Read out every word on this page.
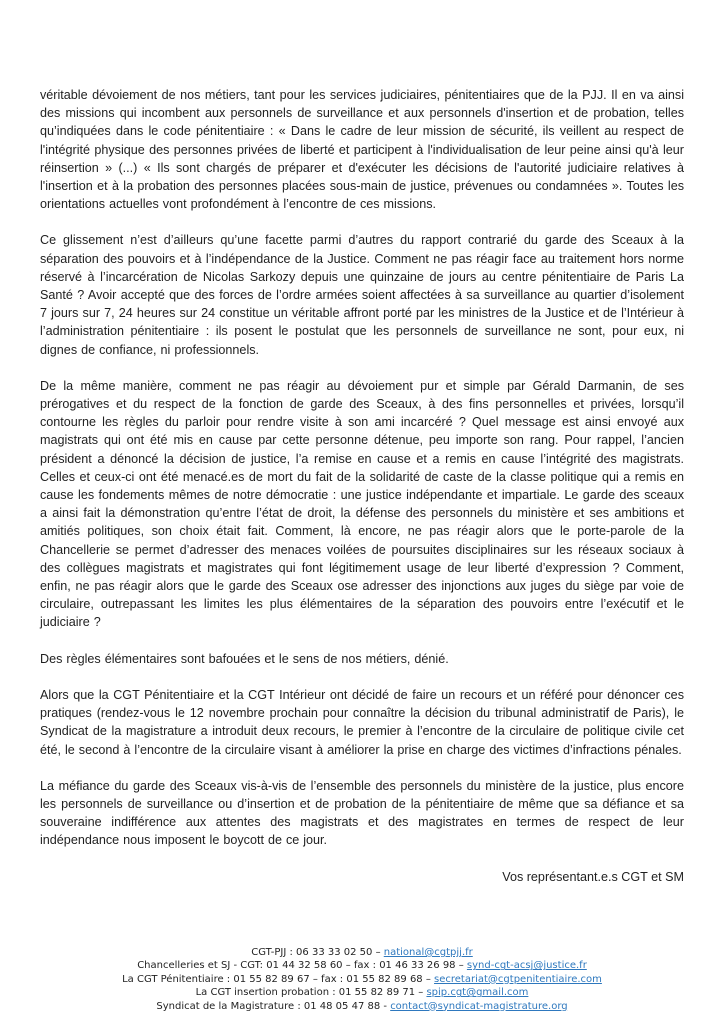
véritable dévoiement de nos métiers, tant pour les services judiciaires, pénitentiaires que de la PJJ. Il en va ainsi des missions qui incombent aux personnels de surveillance et aux personnels d'insertion et de probation, telles qu’indiquées dans le code pénitentiaire : « Dans le cadre de leur mission de sécurité, ils veillent au respect de l'intégrité physique des personnes privées de liberté et participent à l'individualisation de leur peine ainsi qu'à leur réinsertion » (...) « Ils sont chargés de préparer et d'exécuter les décisions de l'autorité judiciaire relatives à l'insertion et à la probation des personnes placées sous-main de justice, prévenues ou condamnées ». Toutes les orientations actuelles vont profondément à l’encontre de ces missions.

Ce glissement n’est d’ailleurs qu’une facette parmi d’autres du rapport contrarié du garde des Sceaux à la séparation des pouvoirs et à l’indépendance de la Justice. Comment ne pas réagir face au traitement hors norme réservé à l’incarcération de Nicolas Sarkozy depuis une quinzaine de jours au centre pénitentiaire de Paris La Santé ? Avoir accepté que des forces de l’ordre armées soient affectées à sa surveillance au quartier d’isolement 7 jours sur 7, 24 heures sur 24 constitue un véritable affront porté par les ministres de la Justice et de l’Intérieur à l’administration pénitentiaire : ils posent le postulat que les personnels de surveillance ne sont, pour eux, ni dignes de confiance, ni professionnels.

De la même manière, comment ne pas réagir au dévoiement pur et simple par Gérald Darmanin, de ses prérogatives et du respect de la fonction de garde des Sceaux, à des fins personnelles et privées, lorsqu’il contourne les règles du parloir pour rendre visite à son ami incarcéré ? Quel message est ainsi envoyé aux magistrats qui ont été mis en cause par cette personne détenue, peu importe son rang. Pour rappel, l’ancien président a dénoncé la décision de justice, l’a remise en cause et a remis en cause l’intégrité des magistrats. Celles et ceux-ci ont été menacé.es de mort du fait de la solidarité de caste de la classe politique qui a remis en cause les fondements mêmes de notre démocratie : une justice indépendante et impartiale. Le garde des sceaux a ainsi fait la démonstration qu’entre l’état de droit, la défense des personnels du ministère et ses ambitions et amitiés politiques, son choix était fait. Comment, là encore, ne pas réagir alors que le porte-parole de la Chancellerie se permet d’adresser des menaces voilées de poursuites disciplinaires sur les réseaux sociaux à des collègues magistrats et magistrates qui font légitimement usage de leur liberté d’expression ? Comment, enfin, ne pas réagir alors que le garde des Sceaux ose adresser des injonctions aux juges du siège par voie de circulaire, outrepassant les limites les plus élémentaires de la séparation des pouvoirs entre l’exécutif et le judiciaire ?

Des règles élémentaires sont bafouées et le sens de nos métiers, dénié.

Alors que la CGT Pénitentiaire et la CGT Intérieur ont décidé de faire un recours et un référé pour dénoncer ces pratiques (rendez-vous le 12 novembre prochain pour connaître la décision du tribunal administratif de Paris), le Syndicat de la magistrature a introduit deux recours, le premier à l’encontre de la circulaire de politique civile cet été, le second à l’encontre de la circulaire visant à améliorer la prise en charge des victimes d’infractions pénales.

La méfiance du garde des Sceaux vis-à-vis de l’ensemble des personnels du ministère de la justice, plus encore les personnels de surveillance ou d’insertion et de probation de la pénitentiaire de même que sa défiance et sa souveraine indifférence aux attentes des magistrats et des magistrates en termes de respect de leur indépendance nous imposent le boycott de ce jour.

Vos représentant.e.s CGT et SM
CGT-PJJ : 06 33 33 02 50 – national@cgtpjj.fr
Chancelleries et SJ - CGT: 01 44 32 58 60 – fax : 01 46 33 26 98 – synd-cgt-acsj@justice.fr
La CGT Pénitentiaire : 01 55 82 89 67 – fax : 01 55 82 89 68 – secretariat@cgtpenitentiaire.com
La CGT insertion probation : 01 55 82 89 71 – spip.cgt@gmail.com
Syndicat de la Magistrature : 01 48 05 47 88 - contact@syndicat-magistrature.org
